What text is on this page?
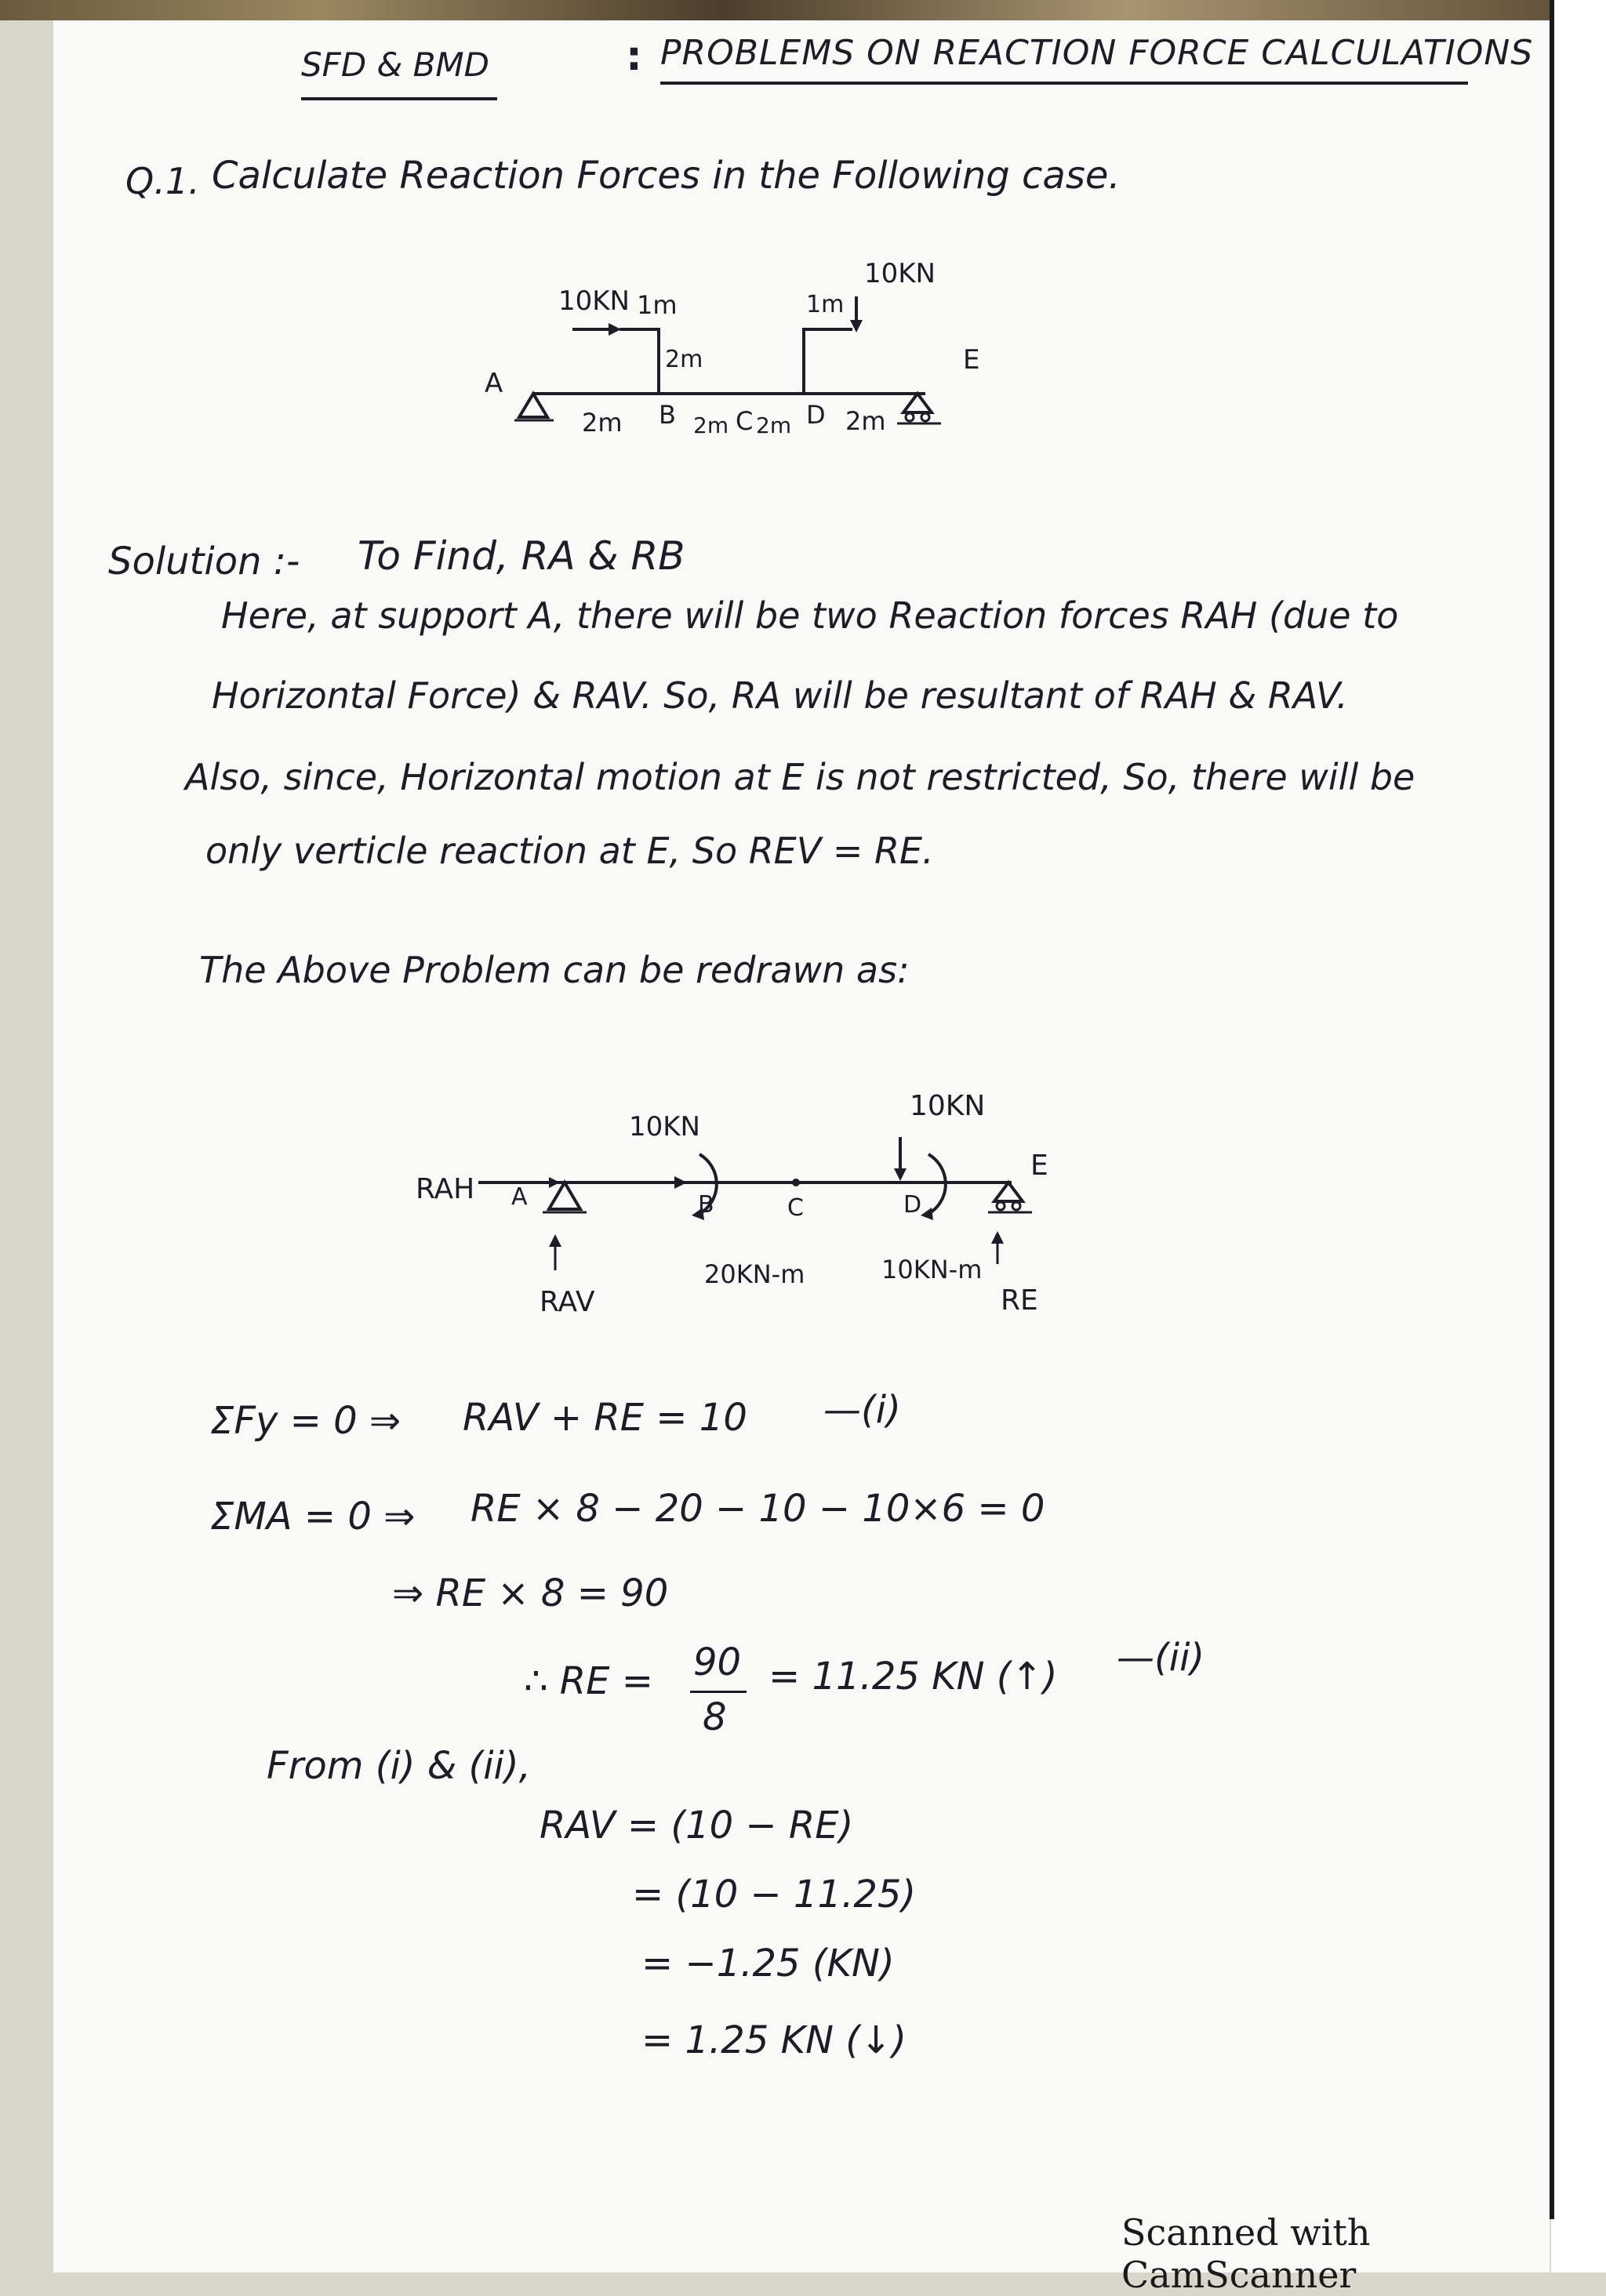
SFD & BMD	: PROBLEMS ON REACTION FORCE CALCULATIONS
Q.1. Calculate Reaction Forces in the Following case.
10KN 1m
2m
1m
10KN
A
E
2m B 2m C 2m D 2m
Solution :- To Find, RA & RB
Here, at support A, there will be two Reaction forces RAH (due to
Horizontal Force) & RAV. So, RA will be resultant of RAH & RAV.
Also, since, Horizontal motion at E is not restricted, So, there will be
only verticle reaction at E, So REV = RE.
The Above Problem can be redrawn as:
RAH A
10KN
B	C	D
10KN
E
20KN-m	10KN-m
RAV	RE
ΣFy = 0 ⇒ RAV + RE = 10 —(i)
ΣMA = 0 ⇒ RE × 8 − 20 − 10 − 10×6 = 0
⇒ RE × 8 = 90
∴ RE = 90
8
= 11.25 KN (↑) —(ii)
From (i) & (ii),
RAV = (10 − RE)
= (10 − 11.25)
= −1.25 (KN)
= 1.25 KN (↓)
Scanned with CamScanner
